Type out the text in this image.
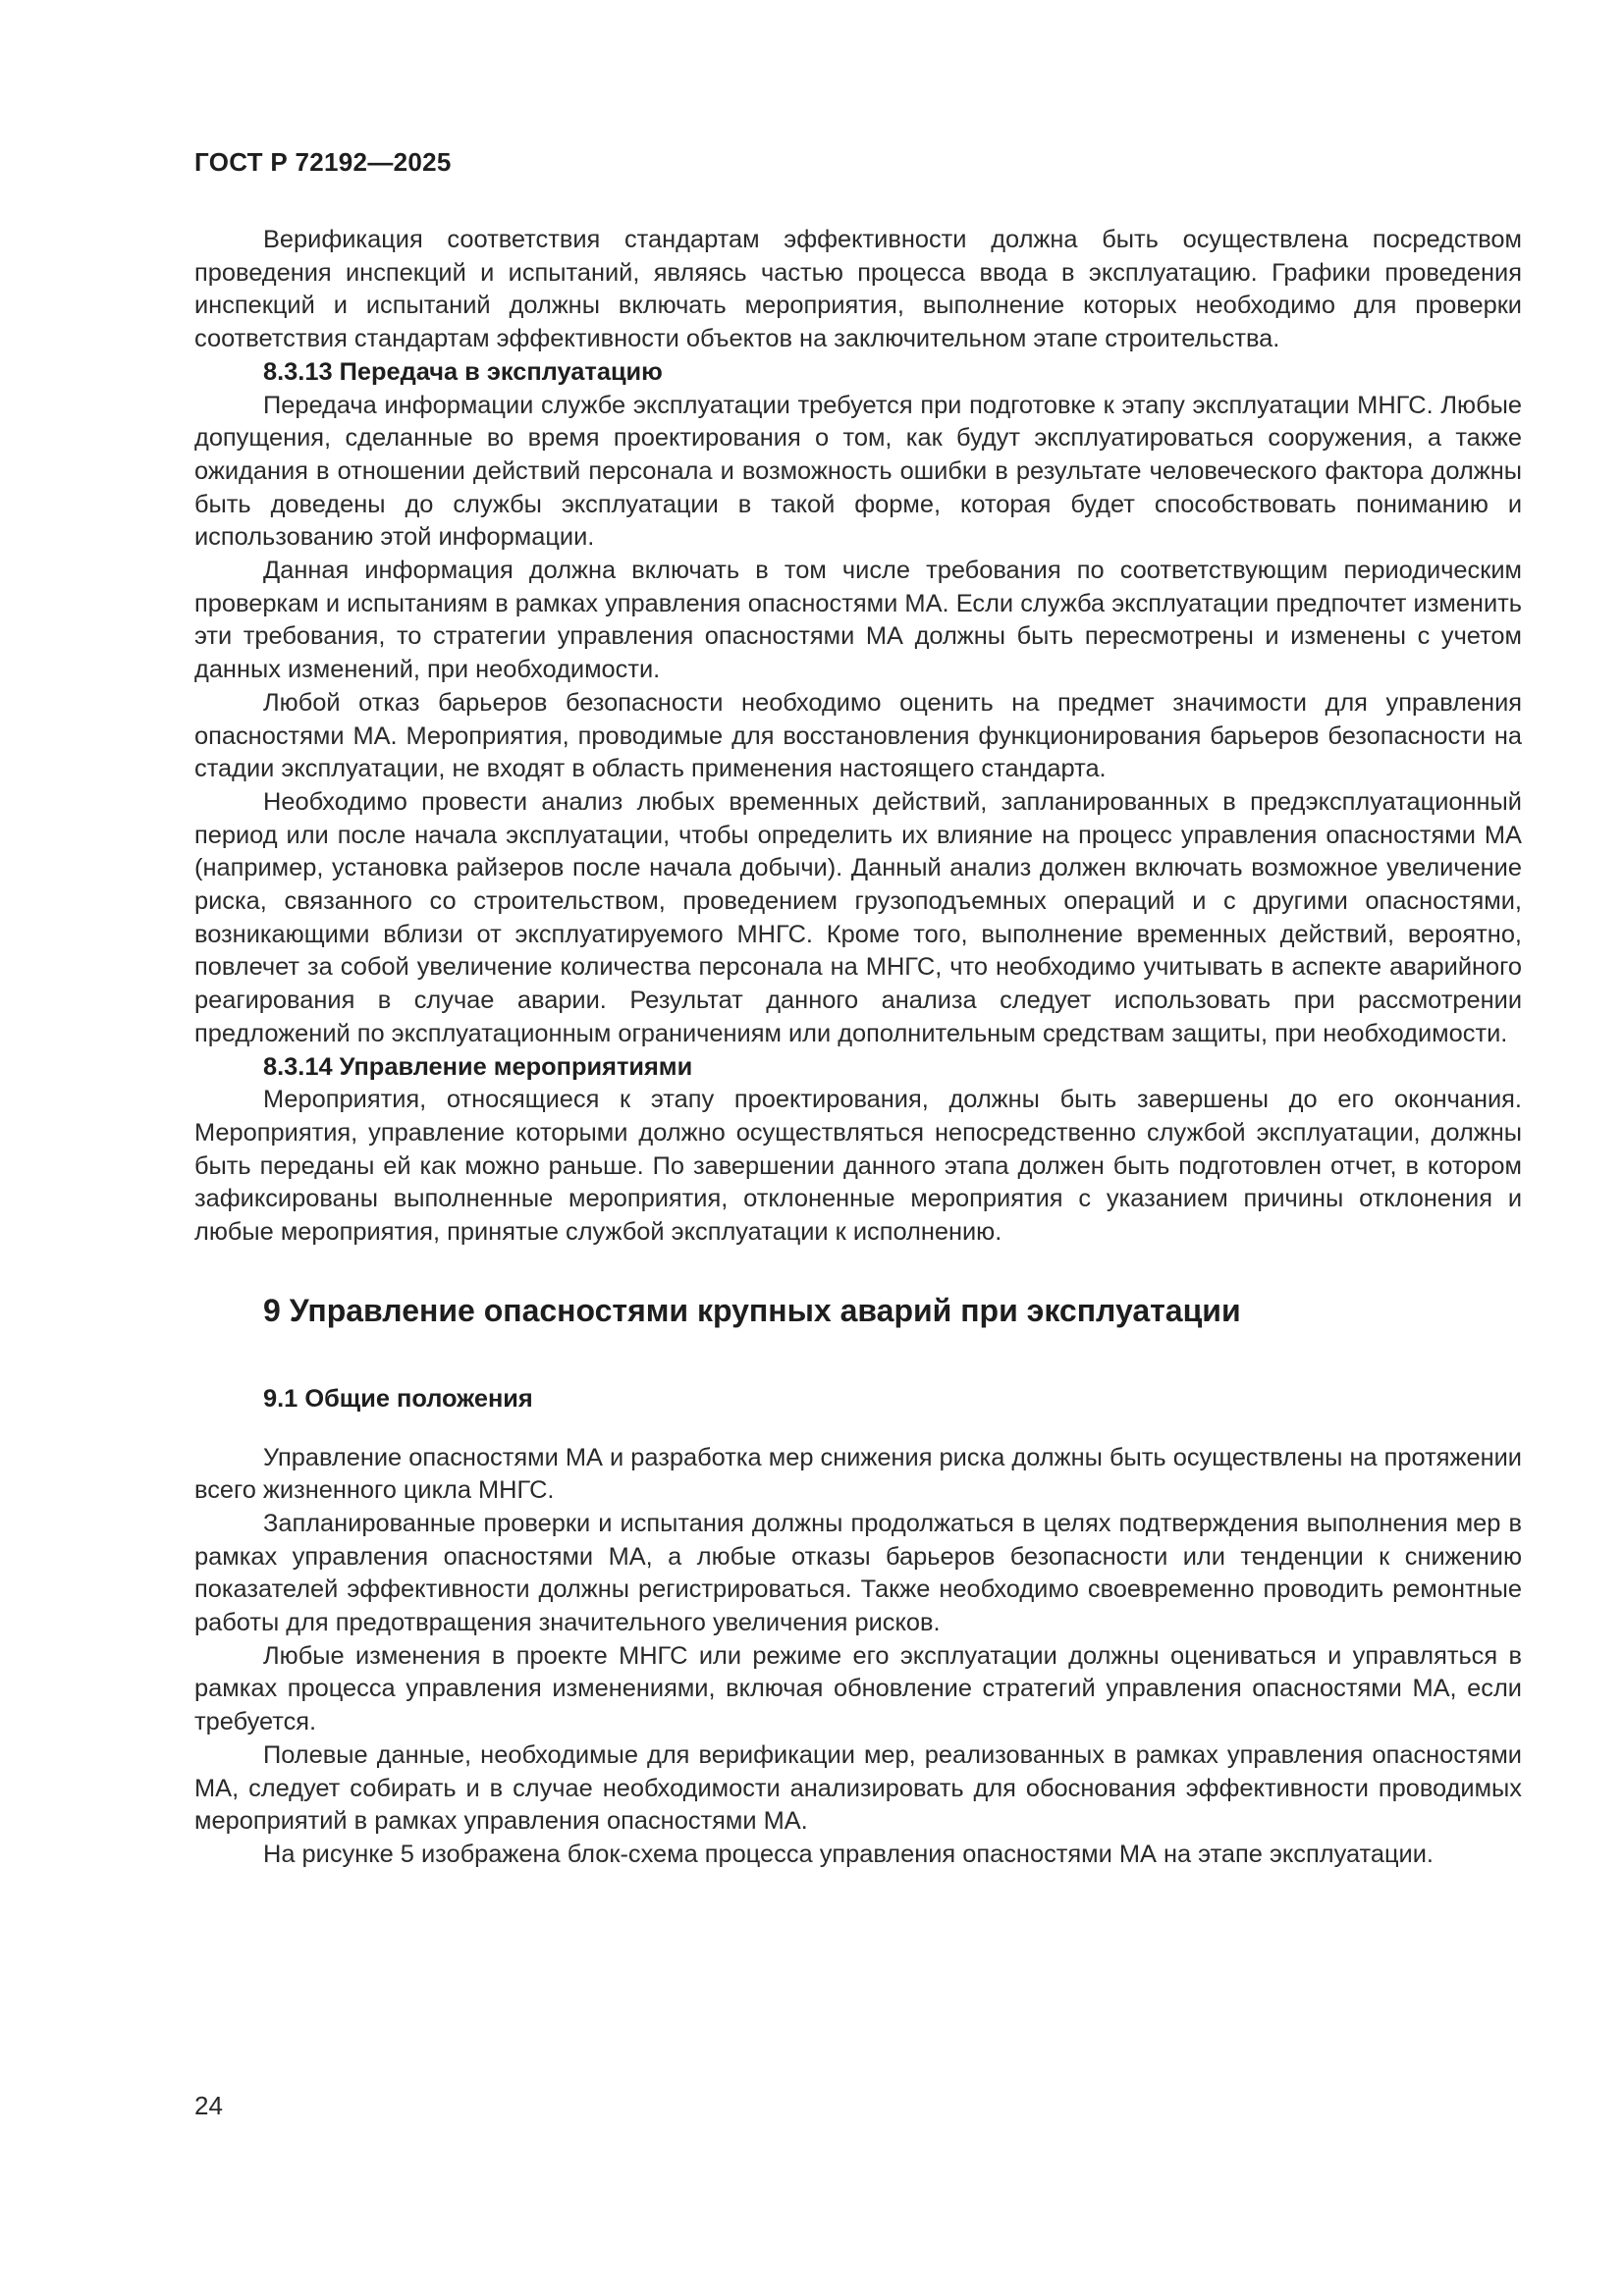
ГОСТ Р 72192—2025

Верификация соответствия стандартам эффективности должна быть осуществлена посредством проведения инспекций и испытаний, являясь частью процесса ввода в эксплуатацию. Графики проведения инспекций и испытаний должны включать мероприятия, выполнение которых необходимо для проверки соответствия стандартам эффективности объектов на заключительном этапе строительства.

8.3.13 Передача в эксплуатацию

Передача информации службе эксплуатации требуется при подготовке к этапу эксплуатации МНГС. Любые допущения, сделанные во время проектирования о том, как будут эксплуатироваться сооружения, а также ожидания в отношении действий персонала и возможность ошибки в результате человеческого фактора должны быть доведены до службы эксплуатации в такой форме, которая будет способствовать пониманию и использованию этой информации.

Данная информация должна включать в том числе требования по соответствующим периодическим проверкам и испытаниям в рамках управления опасностями МА. Если служба эксплуатации предпочтет изменить эти требования, то стратегии управления опасностями МА должны быть пересмотрены и изменены с учетом данных изменений, при необходимости.

Любой отказ барьеров безопасности необходимо оценить на предмет значимости для управления опасностями МА. Мероприятия, проводимые для восстановления функционирования барьеров безопасности на стадии эксплуатации, не входят в область применения настоящего стандарта.

Необходимо провести анализ любых временных действий, запланированных в предэксплуатационный период или после начала эксплуатации, чтобы определить их влияние на процесс управления опасностями МА (например, установка райзеров после начала добычи). Данный анализ должен включать возможное увеличение риска, связанного со строительством, проведением грузоподъемных операций и с другими опасностями, возникающими вблизи от эксплуатируемого МНГС. Кроме того, выполнение временных действий, вероятно, повлечет за собой увеличение количества персонала на МНГС, что необходимо учитывать в аспекте аварийного реагирования в случае аварии. Результат данного анализа следует использовать при рассмотрении предложений по эксплуатационным ограничениям или дополнительным средствам защиты, при необходимости.

8.3.14 Управление мероприятиями

Мероприятия, относящиеся к этапу проектирования, должны быть завершены до его окончания. Мероприятия, управление которыми должно осуществляться непосредственно службой эксплуатации, должны быть переданы ей как можно раньше. По завершении данного этапа должен быть подготовлен отчет, в котором зафиксированы выполненные мероприятия, отклоненные мероприятия с указанием причины отклонения и любые мероприятия, принятые службой эксплуатации к исполнению.

9 Управление опасностями крупных аварий при эксплуатации
9.1 Общие положения

Управление опасностями МА и разработка мер снижения риска должны быть осуществлены на протяжении всего жизненного цикла МНГС.

Запланированные проверки и испытания должны продолжаться в целях подтверждения выполнения мер в рамках управления опасностями МА, а любые отказы барьеров безопасности или тенденции к снижению показателей эффективности должны регистрироваться. Также необходимо своевременно проводить ремонтные работы для предотвращения значительного увеличения рисков.

Любые изменения в проекте МНГС или режиме его эксплуатации должны оцениваться и управляться в рамках процесса управления изменениями, включая обновление стратегий управления опасностями МА, если требуется.

Полевые данные, необходимые для верификации мер, реализованных в рамках управления опасностями МА, следует собирать и в случае необходимости анализировать для обоснования эффективности проводимых мероприятий в рамках управления опасностями МА.

На рисунке 5 изображена блок-схема процесса управления опасностями МА на этапе эксплуатации.

24
